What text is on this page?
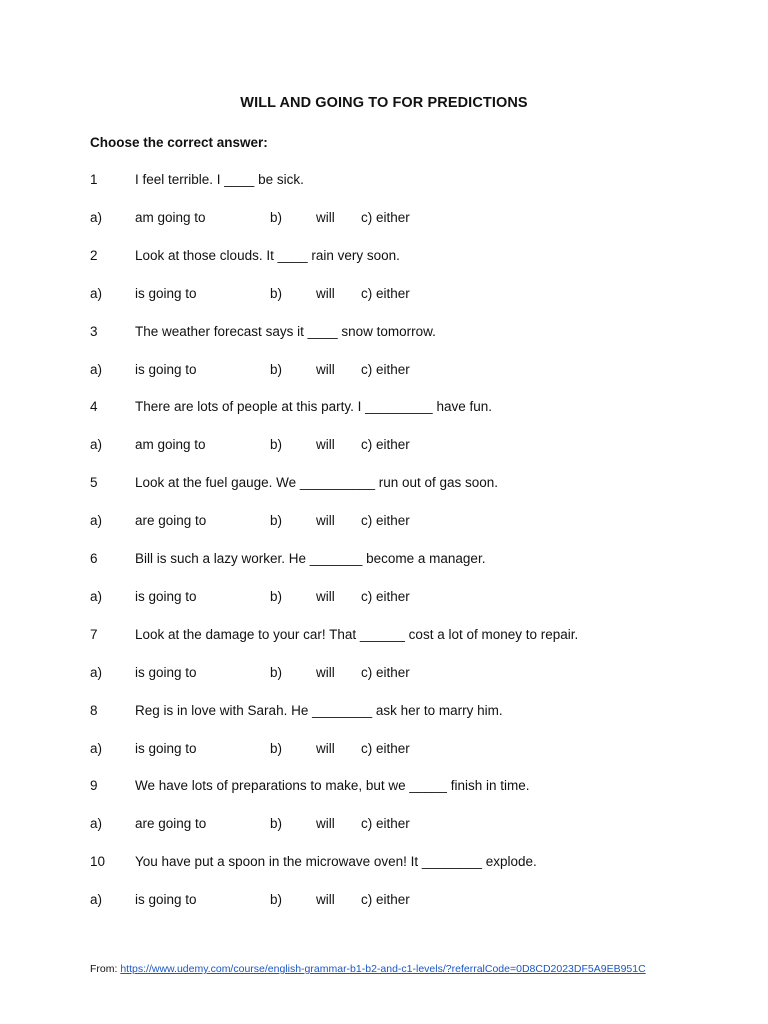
WILL AND GOING TO FOR PREDICTIONS
Choose the correct answer:
1	I feel terrible. I ____ be sick.
a) am going to	b)	will c) either
2	Look at those clouds. It ____ rain very soon.
a) is going to	b)	will c) either
3	The weather forecast says it ____ snow tomorrow.
a) is going to	b)	will c) either
4	There are lots of people at this party. I _________ have fun.
a) am going to	b)	will c) either
5	Look at the fuel gauge. We __________ run out of gas soon.
a) are going to	b)	will c) either
6	Bill is such a lazy worker. He _______ become a manager.
a) is going to	b)	will c) either
7	Look at the damage to your car! That ______ cost a lot of money to repair.
a) is going to	b)	will c) either
8	Reg is in love with Sarah. He ________ ask her to marry him.
a) is going to	b)	will c) either
9	We have lots of preparations to make, but we _____ finish in time.
a) are going to	b)	will c) either
10 You have put a spoon in the microwave oven! It ________ explode.
a) is going to	b)	will c) either
From: https://www.udemy.com/course/english-grammar-b1-b2-and-c1-levels/?referralCode=0D8CD2023DF5A9EB951C
